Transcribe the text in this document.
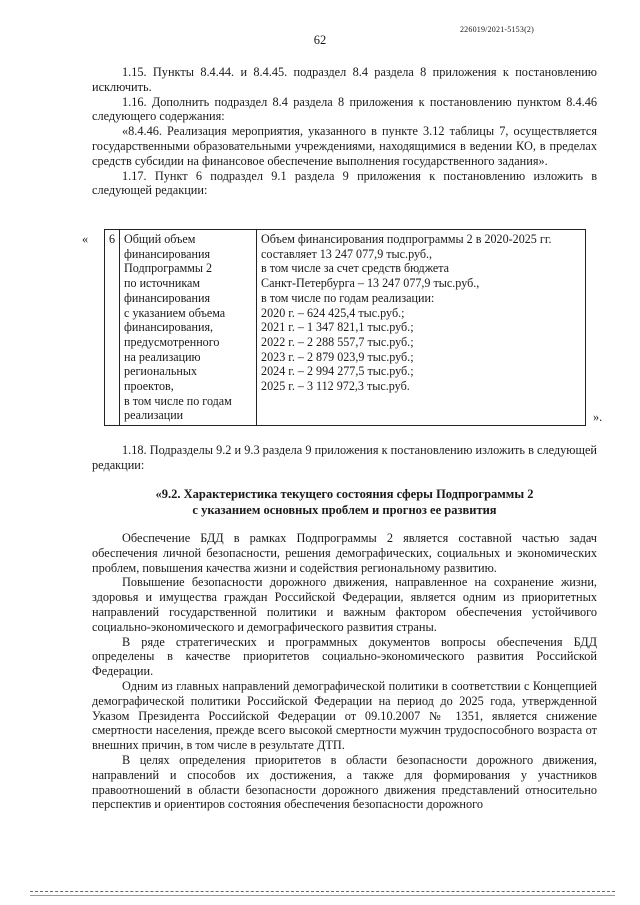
226019/2021-5153(2)
62

1.15. Пункты 8.4.44. и 8.4.45. подраздел 8.4 раздела 8 приложения к постановлению исключить.

1.16. Дополнить подраздел 8.4 раздела 8 приложения к постановлению пунктом 8.4.46 следующего содержания:

«8.4.46. Реализация мероприятия, указанного в пункте 3.12 таблицы 7, осуществляется государственными образовательными учреждениями, находящимися в ведении КО, в пределах средств субсидии на финансовое обеспечение выполнения государственного задания».

1.17. Пункт 6 подраздел 9.1 раздела 9 приложения к постановлению изложить в следующей редакции:

« 6	Общий объем
финансирования
Подпрограммы 2
по источникам
финансирования
с указанием объема
финансирования,
предусмотренного
на реализацию
региональных
проектов,
в том числе по годам
реализации

Объем финансирования подпрограммы 2 в 2020-2025 гг.
составляет 13 247 077,9 тыс.руб.,
в том числе за счет средств бюджета
Санкт-Петербурга – 13 247 077,9 тыс.руб.,
в том числе по годам реализации:
2020 г. – 624 425,4 тыс.руб.;
2021 г. – 1 347 821,1 тыс.руб.;
2022 г. – 2 288 557,7 тыс.руб.;
2023 г. – 2 879 023,9 тыс.руб.;
2024 г. – 2 994 277,5 тыс.руб.;
2025 г. – 3 112 972,3 тыс.руб.
».

1.18. Подразделы 9.2 и 9.3 раздела 9 приложения к постановлению изложить в следующей редакции:

«9.2. Характеристика текущего состояния сферы Подпрограммы 2
с указанием основных проблем и прогноз ее развития

Обеспечение БДД в рамках Подпрограммы 2 является составной частью задач обеспечения личной безопасности, решения демографических, социальных и экономических проблем, повышения качества жизни и содействия региональному развитию.

Повышение безопасности дорожного движения, направленное на сохранение жизни, здоровья и имущества граждан Российской Федерации, является одним из приоритетных направлений государственной политики и важным фактором обеспечения устойчивого социально-экономического и демографического развития страны.

В ряде стратегических и программных документов вопросы обеспечения БДД определены в качестве приоритетов социально-экономического развития Российской Федерации.

Одним из главных направлений демографической политики в соответствии с Концепцией демографической политики Российской Федерации на период до 2025 года, утвержденной Указом Президента Российской Федерации от 09.10.2007 № 1351, является снижение смертности населения, прежде всего высокой смертности мужчин трудоспособного возраста от внешних причин, в том числе в результате ДТП.

В целях определения приоритетов в области безопасности дорожного движения, направлений и способов их достижения, а также для формирования у участников правоотношений в области безопасности дорожного движения представлений относительно перспектив и ориентиров состояния обеспечения безопасности дорожного
